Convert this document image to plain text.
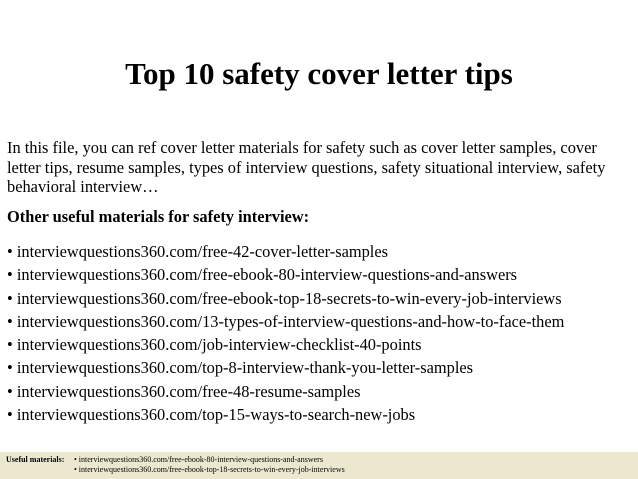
Top 10 safety cover letter tips

In this file, you can ref cover letter materials for safety such as cover letter samples, cover letter tips, resume samples, types of interview questions, safety situational interview, safety behavioral interview…

Other useful materials for safety interview:

• interviewquestions360.com/free-42-cover-letter-samples
• interviewquestions360.com/free-ebook-80-interview-questions-and-answers
• interviewquestions360.com/free-ebook-top-18-secrets-to-win-every-job-interviews
• interviewquestions360.com/13-types-of-interview-questions-and-how-to-face-them
• interviewquestions360.com/job-interview-checklist-40-points
• interviewquestions360.com/top-8-interview-thank-you-letter-samples
• interviewquestions360.com/free-48-resume-samples
• interviewquestions360.com/top-15-ways-to-search-new-jobs
Useful materials: • interviewquestions360.com/free-ebook-80-interview-questions-and-answers
• interviewquestions360.com/free-ebook-top-18-secrets-to-win-every-job-interviews
